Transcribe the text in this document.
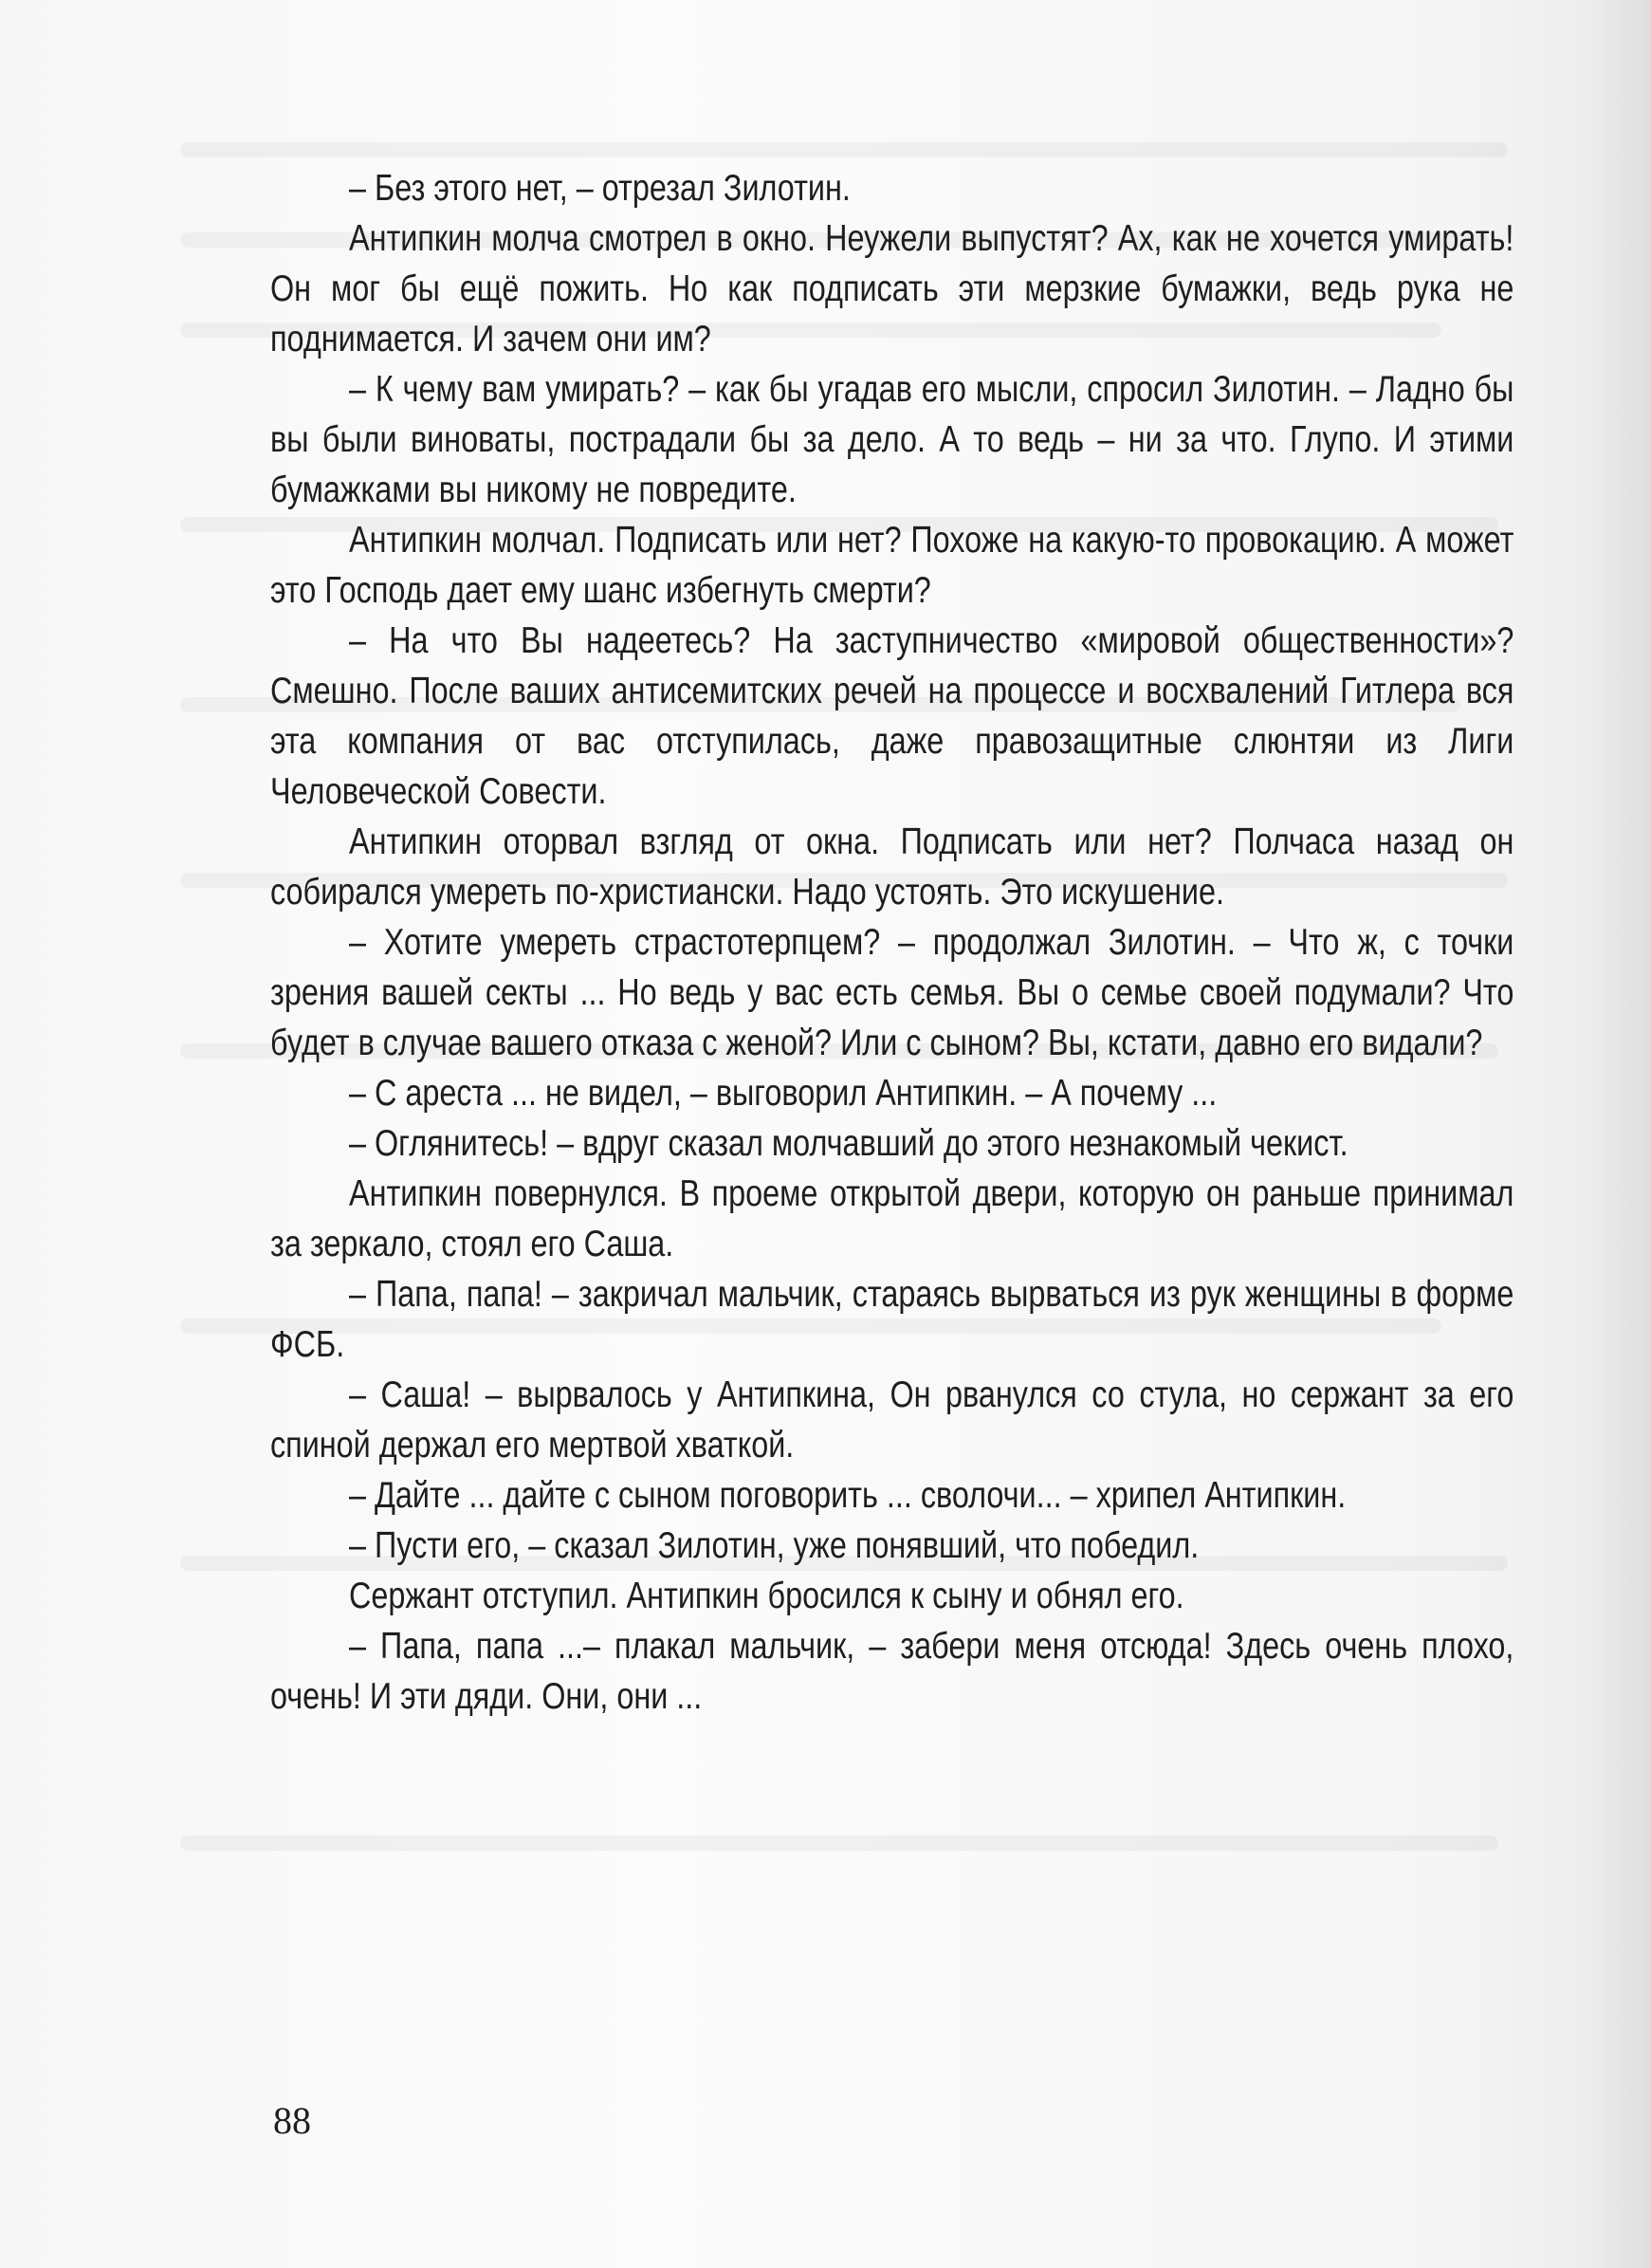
– Без этого нет, – отрезал Зилотин.

Антипкин молча смотрел в окно. Неужели выпустят? Ах, как не хочется умирать! Он мог бы ещё пожить. Но как подписать эти мерзкие бумажки, ведь рука не поднимается. И зачем они им?

– К чему вам умирать? – как бы угадав его мысли, спросил Зилотин. – Ладно бы вы были виноваты, пострадали бы за дело. А то ведь – ни за что. Глупо. И этими бумажками вы никому не повредите.

Антипкин молчал. Подписать или нет? Похоже на какую-то провокацию. А может это Господь дает ему шанс избегнуть смерти?

– На что Вы надеетесь? На заступничество «мировой общественности»? Смешно. После ваших антисемитских речей на процессе и восхвалений Гитлера вся эта компания от вас отступилась, даже правозащитные слюнтяи из Лиги Человеческой Совести.

Антипкин оторвал взгляд от окна. Подписать или нет? Полчаса назад он собирался умереть по-христиански. Надо устоять. Это искушение.

– Хотите умереть страстотерпцем? – продолжал Зилотин. – Что ж, с точки зрения вашей секты ... Но ведь у вас есть семья. Вы о семье своей подумали? Что будет в случае вашего отказа с женой? Или с сыном? Вы, кстати, давно его видали?

– С ареста ... не видел, – выговорил Антипкин. – А почему ...

– Оглянитесь! – вдруг сказал молчавший до этого незнакомый чекист.

Антипкин повернулся. В проеме открытой двери, которую он раньше принимал за зеркало, стоял его Саша.

– Папа, папа! – закричал мальчик, стараясь вырваться из рук женщины в форме ФСБ.

– Саша! – вырвалось у Антипкина, Он рванулся со стула, но сержант за его спиной держал его мертвой хваткой.

– Дайте ... дайте с сыном поговорить ... сволочи... – хрипел Антипкин.

– Пусти его, – сказал Зилотин, уже понявший, что победил.

Сержант отступил. Антипкин бросился к сыну и обнял его.

– Папа, папа ...– плакал мальчик, – забери меня отсюда! Здесь очень плохо, очень! И эти дяди. Они, они ...

88
